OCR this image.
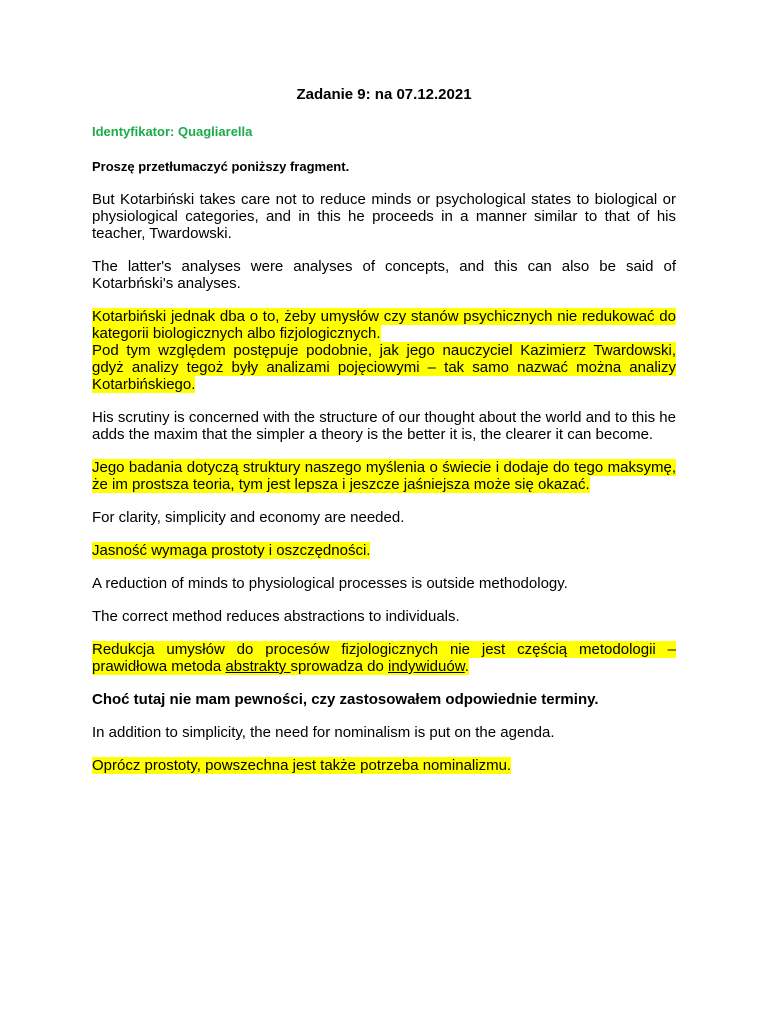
Zadanie 9: na 07.12.2021
Identyfikator: Quagliarella
Proszę przetłumaczyć poniższy fragment.

But Kotarbiński takes care not to reduce minds or psychological states to biological or physiological categories, and in this he proceeds in a manner similar to that of his teacher, Twardowski.

The latter's analyses were analyses of concepts, and this can also be said of Kotarbński's analyses.

Kotarbiński jednak dba o to, żeby umysłów czy stanów psychicznych nie redukować do kategorii biologicznych albo fizjologicznych.

Pod tym względem postępuje podobnie, jak jego nauczyciel Kazimierz Twardowski, gdyż analizy tegoż były analizami pojęciowymi – tak samo nazwać można analizy Kotarbińskiego.

His scrutiny is concerned with the structure of our thought about the world and to this he adds the maxim that the simpler a theory is the better it is, the clearer it can become.

Jego badania dotyczą struktury naszego myślenia o świecie i dodaje do tego maksymę, że im prostsza teoria, tym jest lepsza i jeszcze jaśniejsza może się okazać.

For clarity, simplicity and economy are needed.

Jasność wymaga prostoty i oszczędności.

A reduction of minds to physiological processes is outside methodology.

The correct method reduces abstractions to individuals.

Redukcja umysłów do procesów fizjologicznych nie jest częścią metodologii – prawidłowa metoda abstrakty sprowadza do indywiduów.

Choć tutaj nie mam pewności, czy zastosowałem odpowiednie terminy.

In addition to simplicity, the need for nominalism is put on the agenda.

Oprócz prostoty, powszechna jest także potrzeba nominalizmu.
